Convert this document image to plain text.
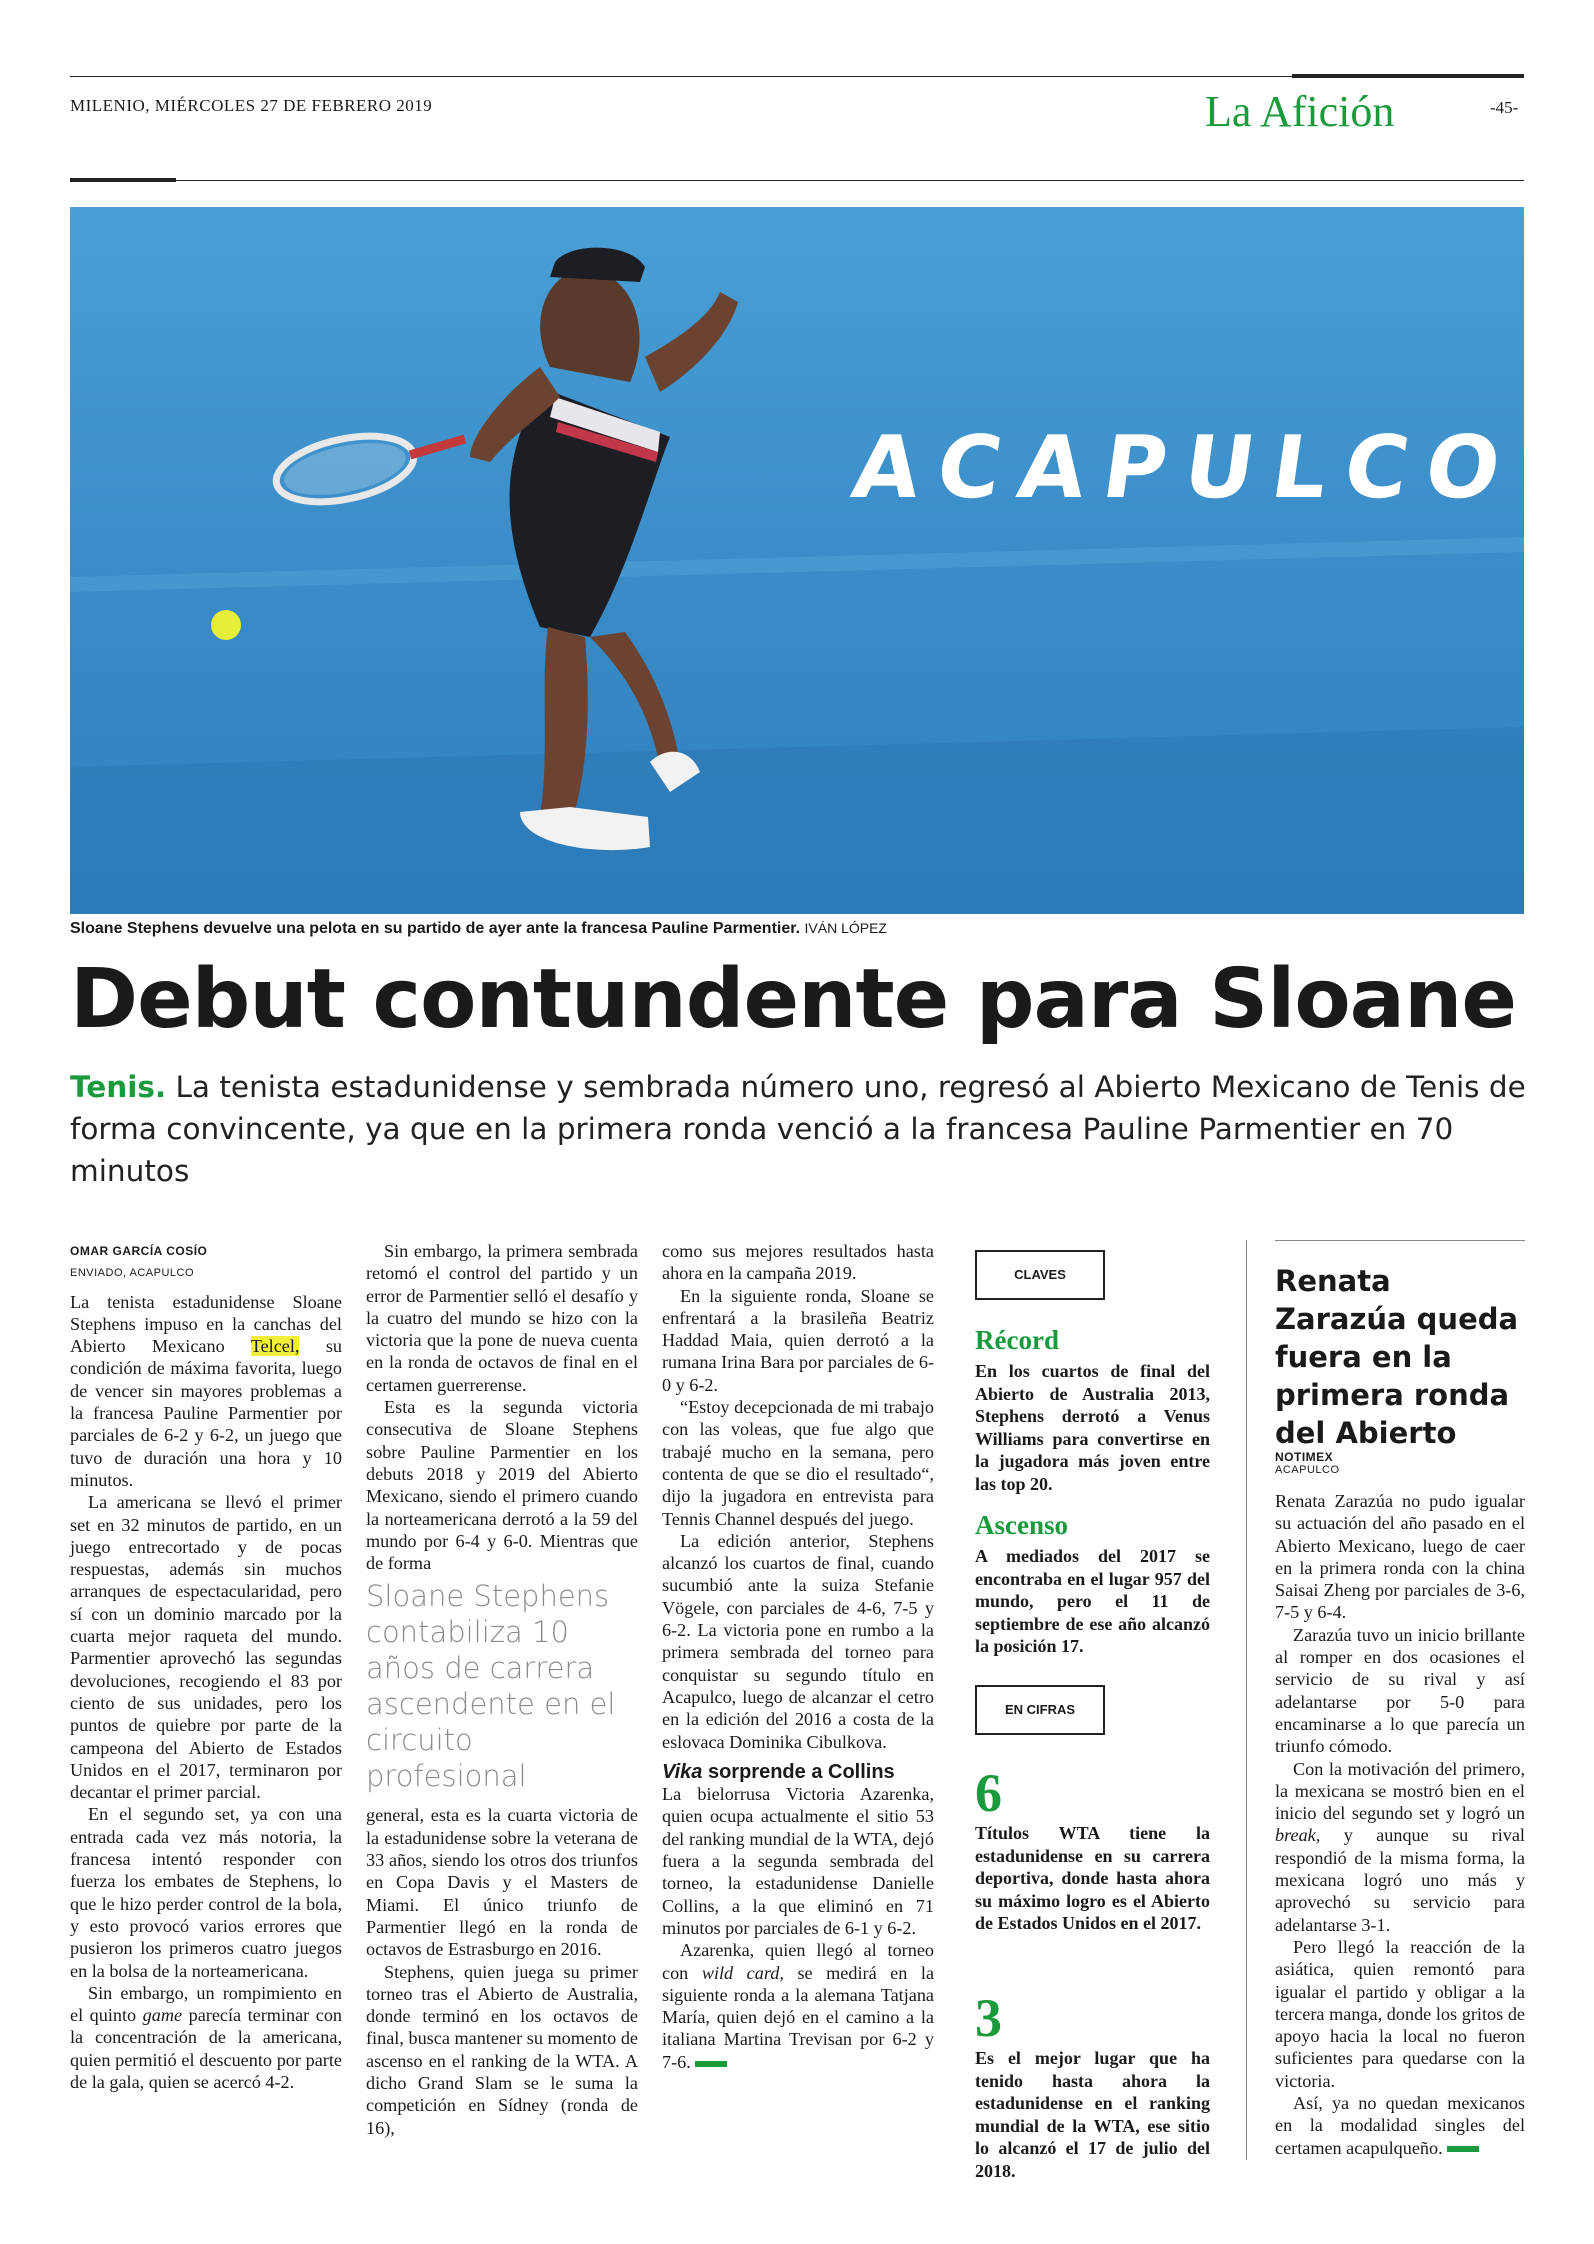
MILENIO, MIÉRCOLES 27 DE FEBRERO 2019	La Afición	-45-
ACAPULCO
Sloane Stephens devuelve una pelota en su partido de ayer ante la francesa Pauline Parmentier. IVÁN LÓPEZ
Debut contundente para Sloane
Tenis. La tenista estadunidense y sembrada número uno, regresó al Abierto Mexicano de Tenis de forma convincente, ya que en la primera ronda venció a la francesa Pauline Parmentier en 70 minutos
OMAR GARCÍA COSÍO
ENVIADO, ACAPULCO

La tenista estadunidense Sloane Stephens impuso en la canchas del Abierto Mexicano Telcel, su condición de máxima favorita, luego de vencer sin mayores problemas a la francesa Pauline Parmentier por parciales de 6-2 y 6-2, un juego que tuvo de duración una hora y 10 minutos.

La americana se llevó el primer set en 32 minutos de partido, en un juego entrecortado y de pocas respuestas, además sin muchos arranques de espectacularidad, pero sí con un dominio marcado por la cuarta mejor raqueta del mundo. Parmentier aprovechó las segundas devoluciones, recogiendo el 83 por ciento de sus unidades, pero los puntos de quiebre por parte de la campeona del Abierto de Estados Unidos en el 2017, terminaron por decantar el primer parcial.

En el segundo set, ya con una entrada cada vez más notoria, la francesa intentó responder con fuerza los embates de Stephens, lo que le hizo perder control de la bola, y esto provocó varios errores que pusieron los primeros cuatro juegos en la bolsa de la norteamericana.

Sin embargo, un rompimiento en el quinto game parecía terminar con la concentración de la americana, quien permitió el descuento por parte de la gala, quien se acercó 4-2.

Sin embargo, la primera sembrada retomó el control del partido y un error de Parmentier selló el desafío y la cuatro del mundo se hizo con la victoria que la pone de nueva cuenta en la ronda de octavos de final en el certamen guerrerense.

Esta es la segunda victoria consecutiva de Sloane Stephens sobre Pauline Parmentier en los debuts 2018 y 2019 del Abierto Mexicano, siendo el primero cuando la norteamericana derrotó a la 59 del mundo por 6-4 y 6-0. Mientras que de forma

Sloane Stephens contabiliza 10 años de carrera ascendente en el circuito profesional

general, esta es la cuarta victoria de la estadunidense sobre la veterana de 33 años, siendo los otros dos triunfos en Copa Davis y el Masters de Miami. El único triunfo de Parmentier llegó en la ronda de octavos de Estrasburgo en 2016.

Stephens, quien juega su primer torneo tras el Abierto de Australia, donde terminó en los octavos de final, busca mantener su momento de ascenso en el ranking de la WTA. A dicho Grand Slam se le suma la competición en Sídney (ronda de 16),

como sus mejores resultados hasta ahora en la campaña 2019.

En la siguiente ronda, Sloane se enfrentará a la brasileña Beatriz Haddad Maia, quien derrotó a la rumana Irina Bara por parciales de 6-0 y 6-2.

“Estoy decepcionada de mi trabajo con las voleas, que fue algo que trabajé mucho en la semana, pero contenta de que se dio el resultado“, dijo la jugadora en entrevista para Tennis Channel después del juego.

La edición anterior, Stephens alcanzó los cuartos de final, cuando sucumbió ante la suiza Stefanie Vögele, con parciales de 4-6, 7-5 y 6-2. La victoria pone en rumbo a la primera sembrada del torneo para conquistar su segundo título en Acapulco, luego de alcanzar el cetro en la edición del 2016 a costa de la eslovaca Dominika Cibulkova.

Vika sorprende a Collins

La bielorrusa Victoria Azarenka, quien ocupa actualmente el sitio 53 del ranking mundial de la WTA, dejó fuera a la segunda sembrada del torneo, la estadunidense Danielle Collins, a la que eliminó en 71 minutos por parciales de 6-1 y 6-2.

Azarenka, quien llegó al torneo con wild card, se medirá en la siguiente ronda a la alemana Tatjana María, quien dejó en el camino a la italiana Martina Trevisan por 6-2 y 7-6.

CLAVES
Récord
En los cuartos de final del Abierto de Australia 2013, Stephens derrotó a Venus Williams para convertirse en la jugadora más joven entre las top 20.
Ascenso
A mediados del 2017 se encontraba en el lugar 957 del mundo, pero el 11 de septiembre de ese año alcanzó la posición 17.
EN CIFRAS
6
Títulos WTA tiene la estadunidense en su carrera deportiva, donde hasta ahora su máximo logro es el Abierto de Estados Unidos en el 2017.
3
Es el mejor lugar que ha tenido hasta ahora la estadunidense en el ranking mundial de la WTA, ese sitio lo alcanzó el 17 de julio del 2018.
Renata Zarazúa queda fuera en la primera ronda del Abierto
NOTIMEX
ACAPULCO

Renata Zarazúa no pudo igualar su actuación del año pasado en el Abierto Mexicano, luego de caer en la primera ronda con la china Saisai Zheng por parciales de 3-6, 7-5 y 6-4.

Zarazúa tuvo un inicio brillante al romper en dos ocasiones el servicio de su rival y así adelantarse por 5-0 para encaminarse a lo que parecía un triunfo cómodo.

Con la motivación del primero, la mexicana se mostró bien en el inicio del segundo set y logró un break, y aunque su rival respondió de la misma forma, la mexicana logró uno más y aprovechó su servicio para adelantarse 3-1.

Pero llegó la reacción de la asiática, quien remontó para igualar el partido y obligar a la tercera manga, donde los gritos de apoyo hacia la local no fueron suficientes para quedarse con la victoria.

Así, ya no quedan mexicanos en la modalidad singles del certamen acapulqueño.
